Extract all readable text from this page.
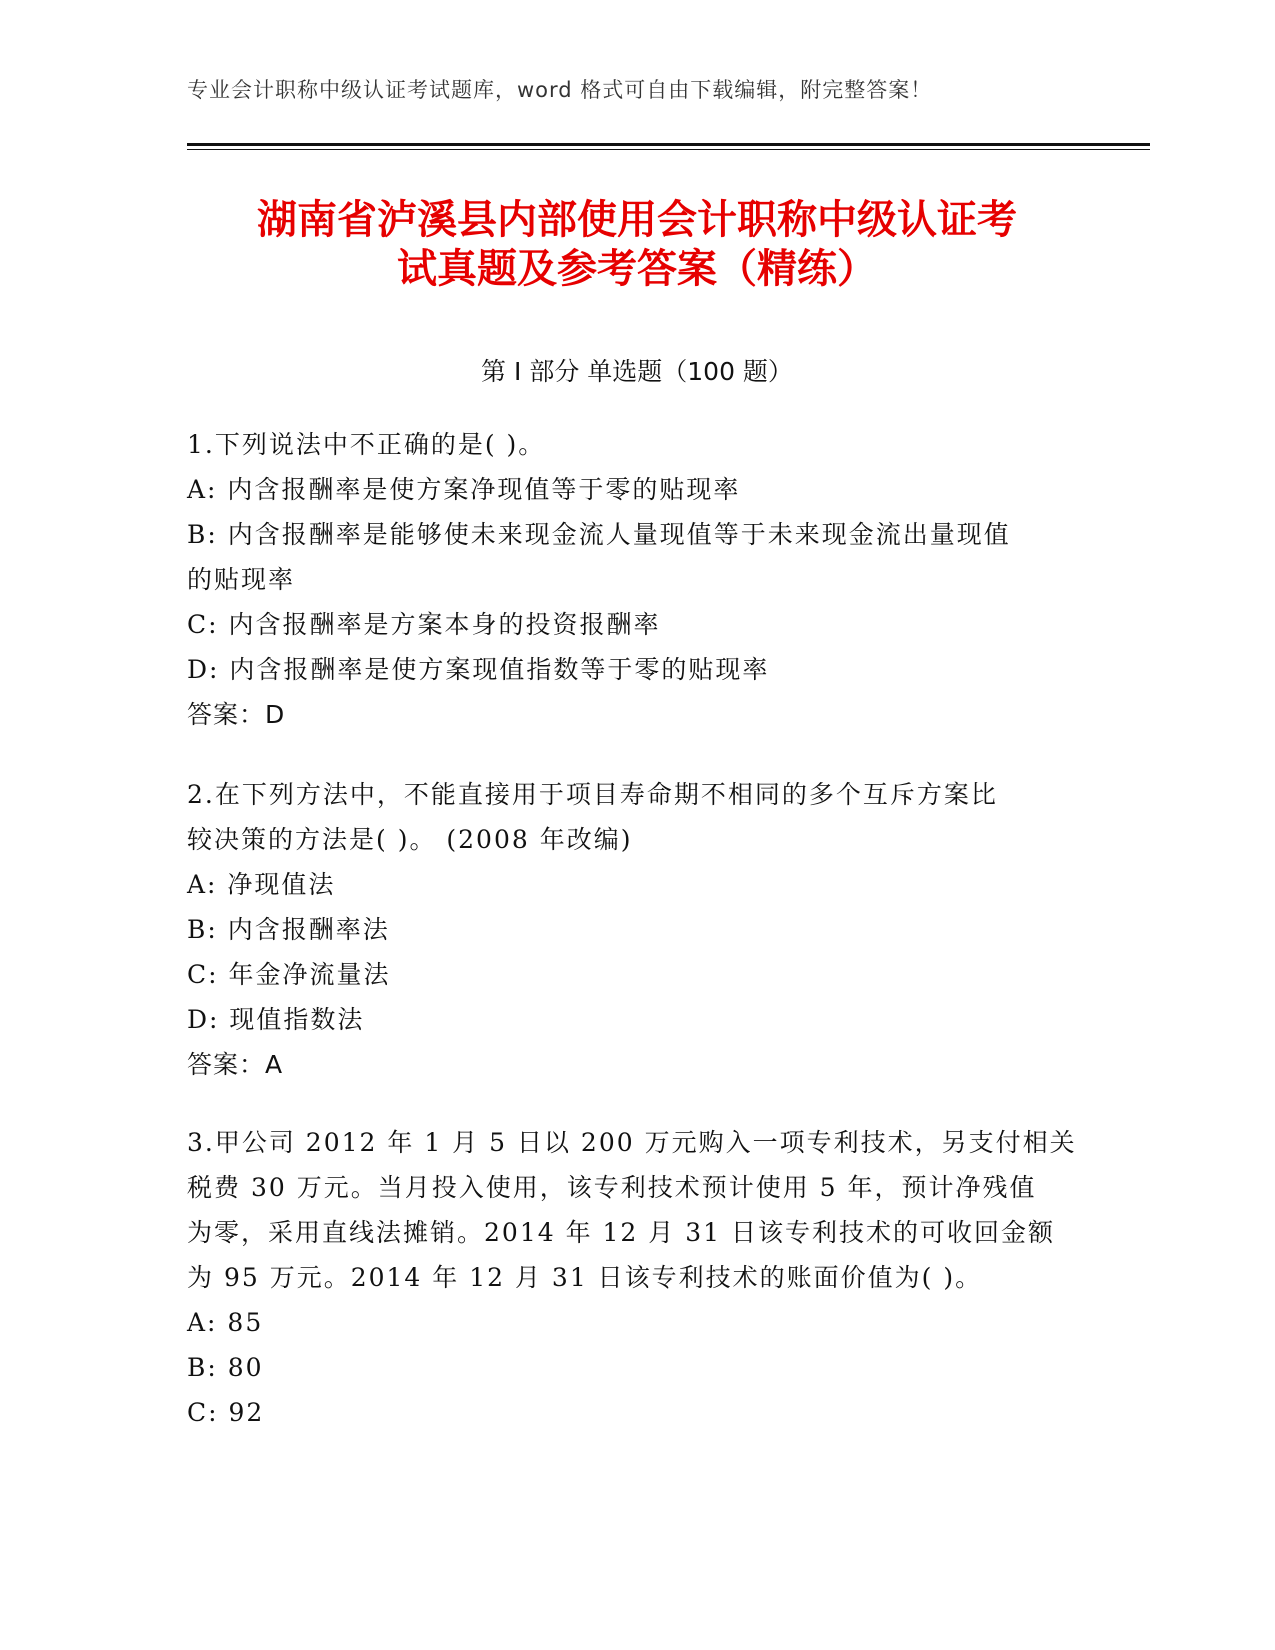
专业会计职称中级认证考试题库，word 格式可自由下载编辑，附完整答案！
湖南省泸溪县内部使用会计职称中级认证考
试真题及参考答案（精练）
第 I 部分 单选题（100 题）
1.下列说法中不正确的是( )。
A: 内含报酬率是使方案净现值等于零的贴现率
B: 内含报酬率是能够使未来现金流人量现值等于未来现金流出量现值
的贴现率
C: 内含报酬率是方案本身的投资报酬率
D: 内含报酬率是使方案现值指数等于零的贴现率
答案：D
2.在下列方法中，不能直接用于项目寿命期不相同的多个互斥方案比
较决策的方法是( )。 (2008 年改编)
A: 净现值法
B: 内含报酬率法
C: 年金净流量法
D: 现值指数法
答案：A
3.甲公司 2012 年 1 月 5 日以 200 万元购入一项专利技术，另支付相关
税费 30 万元。当月投入使用，该专利技术预计使用 5 年，预计净残值
为零，采用直线法摊销。2014 年 12 月 31 日该专利技术的可收回金额
为 95 万元。2014 年 12 月 31 日该专利技术的账面价值为( )。
A: 85
B: 80
C: 92
